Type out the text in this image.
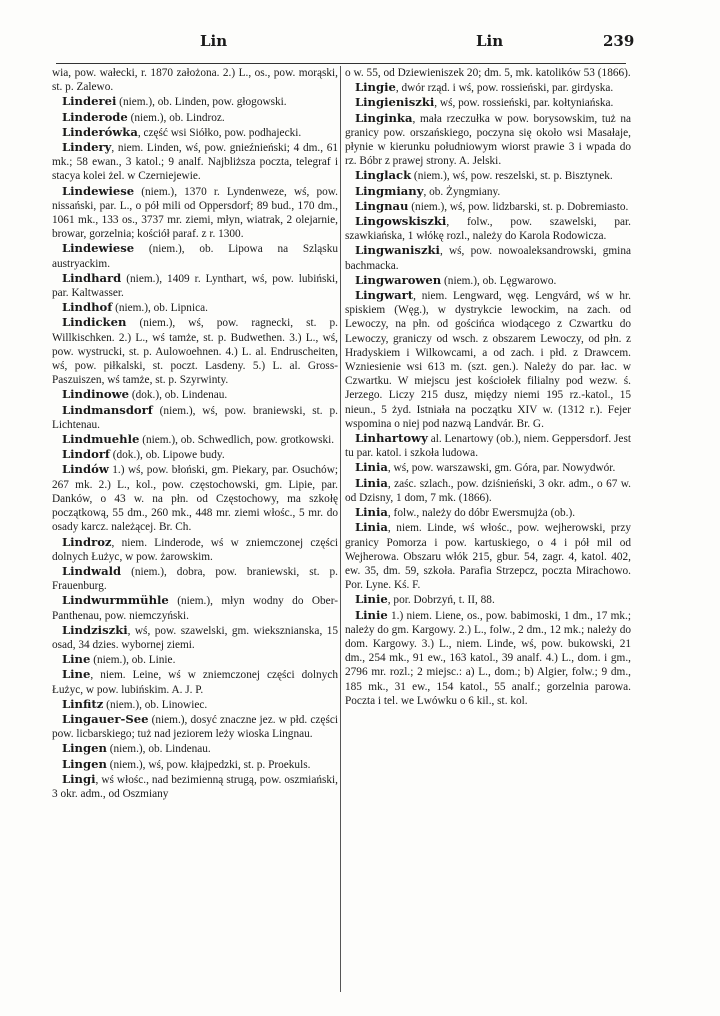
Lin	Lin	239

wia, pow. wałecki, r. 1870 założona. 2.) L., os., pow. morąski, st. p. Zalewo.

Linderei (niem.), ob. Linden, pow. głogowski.

Linderode (niem.), ob. Lindroz.

Linderówka, część wsi Siółko, pow. podhajecki.

Lindery, niem. Linden, wś, pow. gnieźnieński; 4 dm., 61 mk.; 58 ewan., 3 katol.; 9 analf. Najbliższa poczta, telegraf i stacya kolei żel. w Czerniejewie.

Lindewiese (niem.), 1370 r. Lyndenweze, wś, pow. nissański, par. L., o pół mili od Oppersdorf; 89 bud., 170 dm., 1061 mk., 133 os., 3737 mr. ziemi, młyn, wiatrak, 2 olejarnie, browar, gorzelnia; kościół paraf. z r. 1300.

Lindewiese (niem.), ob. Lipowa na Szląsku austryackim.

Lindhard (niem.), 1409 r. Lynthart, wś, pow. lubiński, par. Kaltwasser.

Lindhof (niem.), ob. Lipnica.

Lindicken (niem.), wś, pow. ragnecki, st. p. Willkischken. 2.) L., wś tamże, st. p. Budwethen. 3.) L., wś, pow. wystrucki, st. p. Aulowoehnen. 4.) L. al. Endruscheiten, wś, pow. piłkalski, st. poczt. Lasdeny. 5.) L. al. Gross-Paszuiszen, wś tamże, st. p. Szyrwinty.

Lindinowe (dok.), ob. Lindenau.

Lindmansdorf (niem.), wś, pow. braniewski, st. p. Lichtenau.

Lindmuehle (niem.), ob. Schwedlich, pow. grotkowski.

Lindorf (dok.), ob. Lipowe budy.

Lindów 1.) wś, pow. błoński, gm. Piekary, par. Osuchów; 267 mk. 2.) L., kol., pow. częstochowski, gm. Lipie, par. Danków, o 43 w. na płn. od Częstochowy, ma szkołę początkową, 55 dm., 260 mk., 448 mr. ziemi włośc., 5 mr. do osady karcz. należącej. Br. Ch.

Lindroz, niem. Linderode, wś w zniemczonej części dolnych Łużyc, w pow. żarowskim.

Lindwald (niem.), dobra, pow. braniewski, st. p. Frauenburg.

Lindwurmmühle (niem.), młyn wodny do Ober-Panthenau, pow. niemczyński.

Lindziszki, wś, pow. szawelski, gm. wieksznianska, 15 osad, 34 dzies. wybornej ziemi.

Line (niem.), ob. Linie.

Line, niem. Leine, wś w zniemczonej części dolnych Łużyc, w pow. lubińskim. A. J. P.

Linfitz (niem.), ob. Linowiec.

Lingauer-See (niem.), dosyć znaczne jez. w płd. części pow. licbarskiego; tuż nad jeziorem leży wioska Lingnau.

Lingen (niem.), ob. Lindenau.

Lingen (niem.), wś, pow. kłajpedzki, st. p. Proekuls.

Lingi, wś włośc., nad bezimienną strugą, pow. oszmiański, 3 okr. adm., od Oszmiany

o w. 55, od Dziewieniszek 20; dm. 5, mk. katolików 53 (1866).

Lingie, dwór rząd. i wś, pow. rossieński, par. girdyska.

Lingieniszki, wś, pow. rossieński, par. kołtyniańska.

Linginka, mała rzeczułka w pow. borysowskim, tuż na granicy pow. orszańskiego, poczyna się około wsi Masałaje, płynie w kierunku południowym wiorst prawie 3 i wpada do rz. Bóbr z prawej strony. A. Jelski.

Linglack (niem.), wś, pow. reszelski, st. p. Bisztynek.

Lingmiany, ob. Żyngmiany.

Lingnau (niem.), wś, pow. lidzbarski, st. p. Dobremiasto.

Lingowskiszki, folw., pow. szawelski, par. szawkiańska, 1 włókę rozl., należy do Karola Rodowicza.

Lingwaniszki, wś, pow. nowoaleksandrowski, gmina bachmacka.

Lingwarowen (niem.), ob. Lęgwarowo.

Lingwart, niem. Lengward, węg. Lengvárd, wś w hr. spiskiem (Węg.), w dystrykcie lewockim, na zach. od Lewoczy, na płn. od gościńca wiodącego z Czwartku do Lewoczy, graniczy od wsch. z obszarem Lewoczy, od płn. z Hradyskiem i Wilkowcami, a od zach. i płd. z Drawcem. Wzniesienie wsi 613 m. (szt. gen.). Należy do par. łac. w Czwartku. W miejscu jest kościołek filialny pod wezw. ś. Jerzego. Liczy 215 dusz, między niemi 195 rz.-katol., 15 nieun., 5 żyd. Istniała na początku XIV w. (1312 r.). Fejer wspomina o niej pod nazwą Landvár. Br. G.

Linhartowy al. Lenartowy (ob.), niem. Geppersdorf. Jest tu par. katol. i szkoła ludowa.

Linia, wś, pow. warszawski, gm. Góra, par. Nowydwór.

Linia, zaśc. szlach., pow. dziśnieński, 3 okr. adm., o 67 w. od Dzisny, 1 dom, 7 mk. (1866).

Linia, folw., należy do dóbr Ewersmujża (ob.).

Linia, niem. Linde, wś włośc., pow. wejherowski, przy granicy Pomorza i pow. kartuskiego, o 4 i pół mil od Wejherowa. Obszaru włók 215, gbur. 54, zagr. 4, katol. 402, ew. 35, dm. 59, szkoła. Parafia Strzepcz, poczta Mirachowo. Por. Lyne. Kś. F.

Linie, por. Dobrzyń, t. II, 88.

Linie 1.) niem. Liene, os., pow. babimoski, 1 dm., 17 mk.; należy do gm. Kargowy. 2.) L., folw., 2 dm., 12 mk.; należy do dom. Kargowy. 3.) L., niem. Linde, wś, pow. bukowski, 21 dm., 254 mk., 91 ew., 163 katol., 39 analf. 4.) L., dom. i gm., 2796 mr. rozl.; 2 miejsc.: a) L., dom.; b) Algier, folw.; 9 dm., 185 mk., 31 ew., 154 katol., 55 analf.; gorzelnia parowa. Poczta i tel. we Lwówku o 6 kil., st. kol.
